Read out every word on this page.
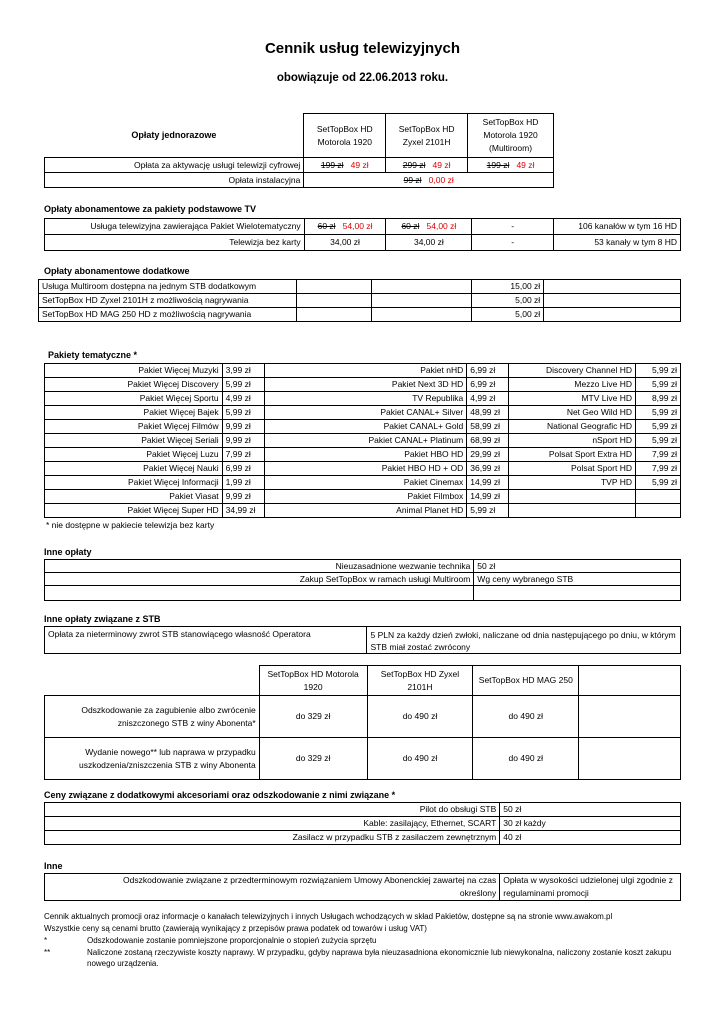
Cennik usług telewizyjnych
obowiązuje od 22.06.2013 roku.
Opłaty jednorazowe	SetTopBox HD Motorola 1920	SetTopBox HD Zyxel 2101H	SetTopBox HD Motorola 1920 (Multiroom)
Opłata za aktywację usługi telewizji cyfrowej	199 zł 49 zł	299 zł 49 zł	199 zł 49 zł
Opłata instalacyjna	99 zł 0,00 zł		
Opłaty abonamentowe za pakiety podstawowe TV
Usługa telewizyjna zawierająca Pakiet Wielotematyczny	60 zł 54,00 zł	60 zł 54,00 zł	-	106 kanałów w tym 16 HD
Telewizja bez karty	34,00 zł	34,00 zł	-	53 kanały w tym 8 HD
Opłaty abonamentowe dodatkowe
Usługa Multiroom dostępna na jednym STB dodatkowym			15,00 zł	
SetTopBox HD Zyxel 2101H z możliwością nagrywania			5,00 zł	
SetTopBox HD MAG 250 HD z możliwością nagrywania			5,00 zł	
Pakiety tematyczne *
Pakiet Więcej Muzyki	3,99 zł	Pakiet nHD	6,99 zł	Discovery Channel HD	5,99 zł
Pakiet Więcej Discovery	5,99 zł	Pakiet Next 3D HD	6,99 zł	Mezzo Live HD	5,99 zł
Pakiet Więcej Sportu	4,99 zł	TV Republika	4,99 zł	MTV Live HD	8,99 zł
Pakiet Więcej Bajek	5,99 zł	Pakiet CANAL+ Silver	48,99 zł	Net Geo Wild HD	5,99 zł
Pakiet Więcej Filmów	9,99 zł	Pakiet CANAL+ Gold	58,99 zł	National Geografic HD	5,99 zł
Pakiet Więcej Seriali	9,99 zł	Pakiet CANAL+ Platinum	68,99 zł	nSport HD	5,99 zł
Pakiet Więcej Luzu	7,99 zł	Pakiet HBO HD	29,99 zł	Polsat Sport Extra HD	7,99 zł
Pakiet Więcej Nauki	6,99 zł	Pakiet HBO HD + OD	36,99 zł	Polsat Sport HD	7,99 zł
Pakiet Więcej Informacji	1,99 zł	Pakiet Cinemax	14,99 zł	TVP HD	5,99 zł
Pakiet Viasat	9,99 zł	Pakiet Filmbox	14,99 zł		
Pakiet Więcej Super HD	34,99 zł	Animal Planet HD	5,99 zł		
* nie dostępne w pakiecie telewizja bez karty
Inne opłaty
Nieuzasadnione wezwanie technika	50 zł
Zakup SetTopBox w ramach usługi Multiroom	Wg ceny wybranego STB

Inne opłaty związane z STB
Opłata za nieterminowy zwrot STB stanowiącego własność Operatora	5 PLN za każdy dzień zwłoki, naliczane od dnia następującego po dniu, w którym STB miał zostać zwrócony
	SetTopBox HD Motorola 1920	SetTopBox HD Zyxel 2101H	SetTopBox HD MAG 250	
Odszkodowanie za zagubienie albo zwrócenie zniszczonego STB z winy Abonenta*	do 329 zł	do 490 zł	do 490 zł	
Wydanie nowego** lub naprawa w przypadku uszkodzenia/zniszczenia STB z winy Abonenta	do 329 zł	do 490 zł	do 490 zł	
Ceny związane z dodatkowymi akcesoriami oraz odszkodowanie z nimi związane *
Pilot do obsługi STB	50 zł
Kable: zasilający, Ethernet, SCART	30 zł każdy
Zasilacz w przypadku STB z zasilaczem zewnętrznym	40 zł
Inne
Odszkodowanie związane z przedterminowym rozwiązaniem Umowy Abonenckiej zawartej na czas określony	Opłata w wysokości udzielonej ulgi zgodnie z regulaminami promocji
Cennik aktualnych promocji oraz informacje o kanałach telewizyjnych i innych Usługach wchodzących w skład Pakietów, dostępne są na stronie www.awakom.pl
Wszystkie ceny są cenami brutto (zawierają wynikający z przepisów prawa podatek od towarów i usług VAT)
*	Odszkodowanie zostanie pomniejszone proporcjonalnie o stopień zużycia sprzętu
**	Naliczone zostaną rzeczywiste koszty naprawy. W przypadku, gdyby naprawa była nieuzasadniona ekonomicznie lub niewykonalna, naliczony zostanie koszt zakupu nowego urządzenia.
